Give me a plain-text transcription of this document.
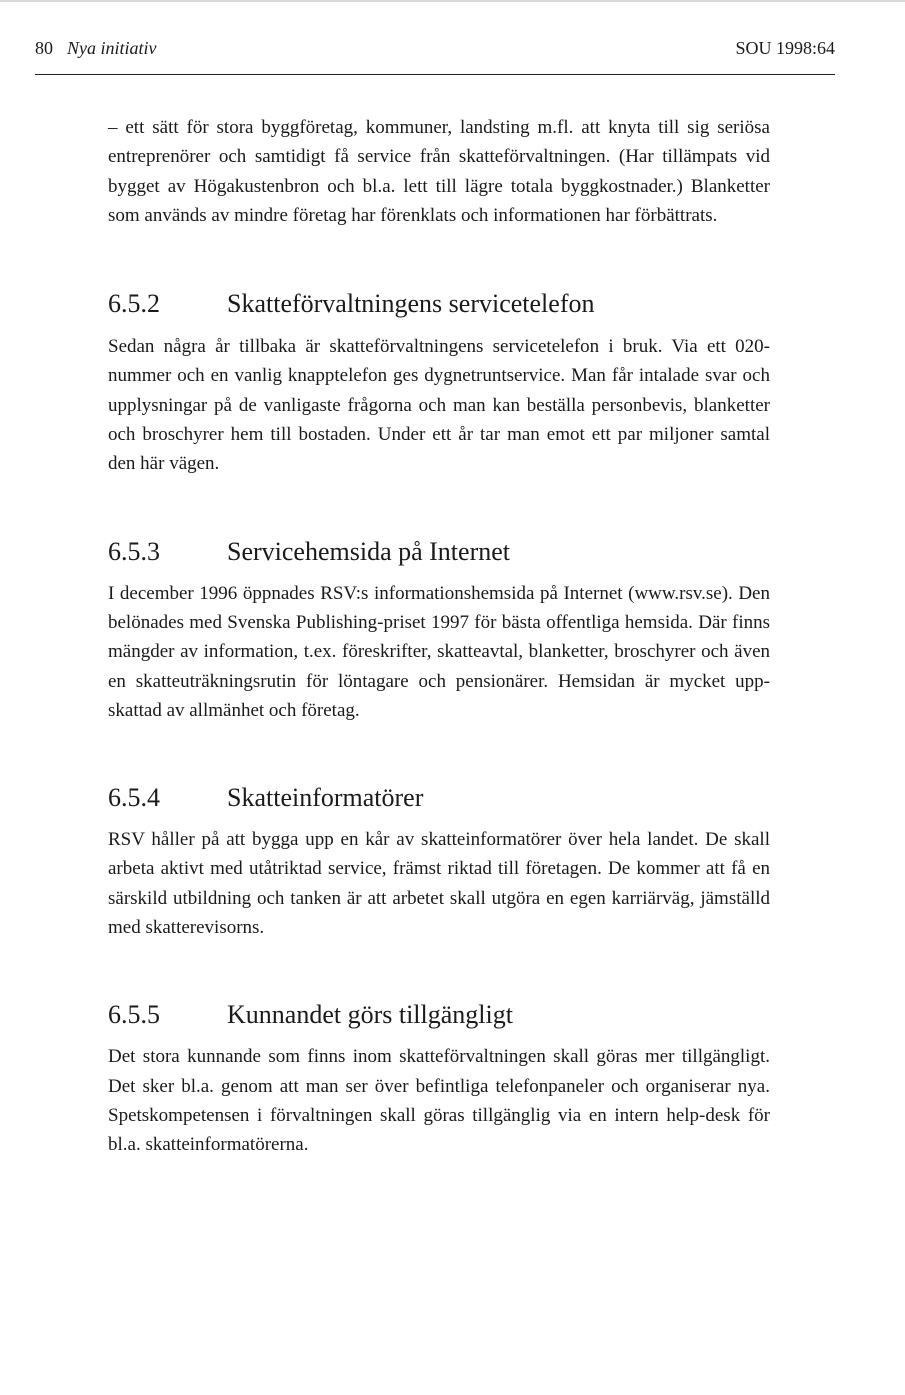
80 Nya initiativ	SOU 1998:64

– ett sätt för stora byggföretag, kommuner, landsting m.fl. att knyta till sig seriösa entreprenörer och samtidigt få service från skatteförvaltningen. (Har tillämpats vid bygget av Högakustenbron och bl.a. lett till lägre totala byggkostnader.) Blanketter som används av mindre företag har förenklats och informationen har förbättrats.

6.5.2	Skatteförvaltningens servicetelefon

Sedan några år tillbaka är skatteförvaltningens servicetelefon i bruk. Via ett 020-nummer och en vanlig knapptelefon ges dygnetruntservice. Man får intalade svar och upplysningar på de vanligaste frågorna och man kan beställa personbevis, blanketter och broschyrer hem till bostaden. Under ett år tar man emot ett par miljoner samtal den här vägen.

6.5.3	Servicehemsida på Internet

I december 1996 öppnades RSV:s informationshemsida på Internet (www.rsv.se). Den belönades med Svenska Publishing-priset 1997 för bästa offentliga hemsida. Där finns mängder av information, t.ex. föreskrifter, skatteavtal, blanketter, broschyrer och även en skatteuträkningsrutin för löntagare och pensionärer. Hemsidan är mycket uppskattad av allmänhet och företag.

6.5.4	Skatteinformatörer

RSV håller på att bygga upp en kår av skatteinformatörer över hela landet. De skall arbeta aktivt med utåtriktad service, främst riktad till företagen. De kommer att få en särskild utbildning och tanken är att arbetet skall utgöra en egen karriärväg, jämställd med skatterevisorns.

6.5.5	Kunnandet görs tillgängligt

Det stora kunnande som finns inom skatteförvaltningen skall göras mer tillgängligt. Det sker bl.a. genom att man ser över befintliga telefonpaneler och organiserar nya. Spetskompetensen i förvaltningen skall göras tillgänglig via en intern help-desk för bl.a. skatteinformatörerna.
